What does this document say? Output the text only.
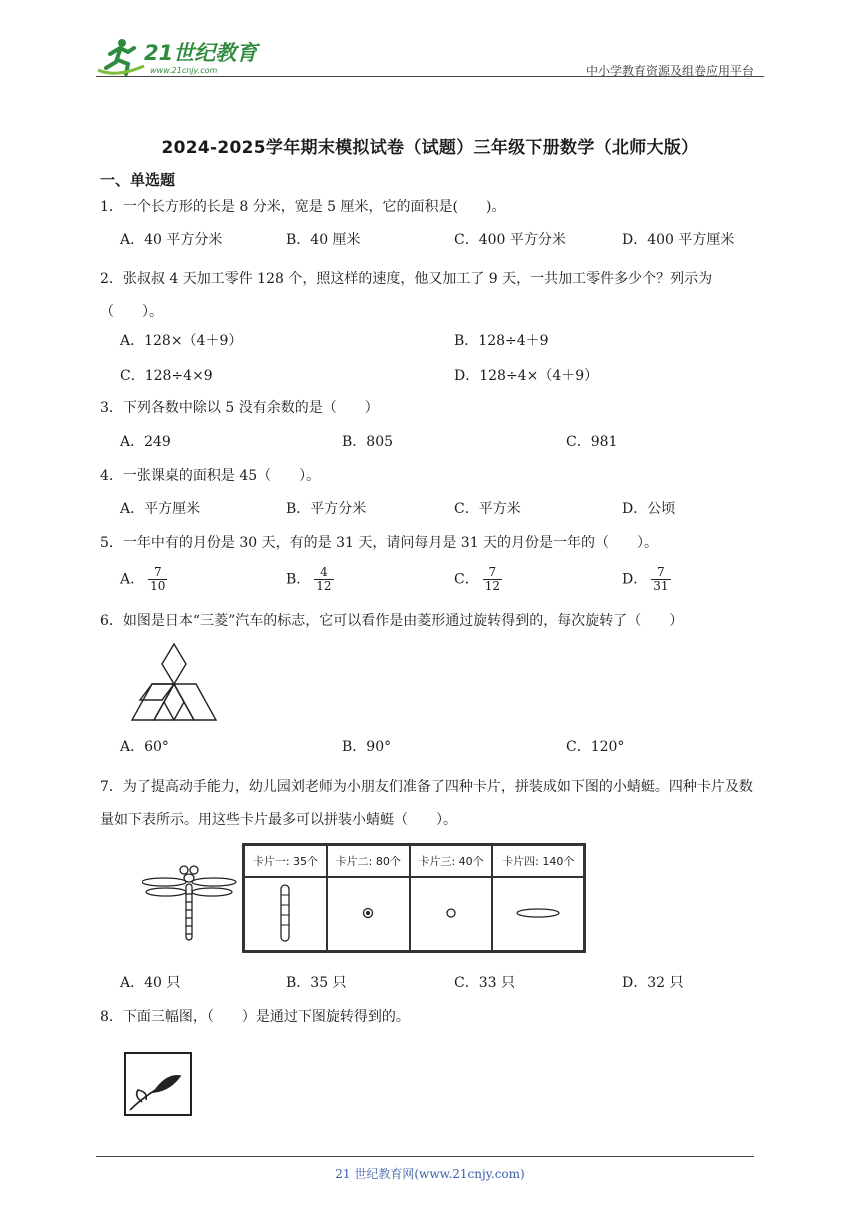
21世纪教育
www.21cnjy.com	中小学教育资源及组卷应用平台
2024-2025学年期末模拟试卷（试题）三年级下册数学（北师大版）
一、单选题
1．一个长方形的长是 8 分米，宽是 5 厘米，它的面积是(　　)。
A．40 平方分米	B．40 厘米	C．400 平方分米	D．400 平方厘米
2．张叔叔 4 天加工零件 128 个，照这样的速度，他又加工了 9 天，一共加工零件多少个？列示为（　　）。
A．128×（4＋9）	B．128÷4＋9
C．128÷4×9	D．128÷4×（4＋9）
3．下列各数中除以 5 没有余数的是（　　）
A．249	B．805	C．981
4．一张课桌的面积是 45（　　）。
A．平方厘米	B．平方分米	C．平方米	D．公顷
5．一年中有的月份是 30 天，有的是 31 天，请问每月是 31 天的月份是一年的（　　）。
A． $\frac{7}{10}$	B． $\frac{4}{12}$	C． $\frac{7}{12}$	D． $\frac{7}{31}$
6．如图是日本“三菱”汽车的标志，它可以看作是由菱形通过旋转得到的，每次旋转了（　　）
A．60°	B．90°	C．120°
7．为了提高动手能力，幼儿园刘老师为小朋友们准备了四种卡片，拼装成如下图的小蜻蜓。四种卡片及数量如下表所示。用这些卡片最多可以拼装小蜻蜓（　　）。
卡片一: 35个	卡片二: 80个	卡片三: 40个	卡片四: 140个

A．40 只	B．35 只	C．33 只	D．32 只
8．下面三幅图，（　　）是通过下图旋转得到的。
21 世纪教育网(www.21cnjy.com)
